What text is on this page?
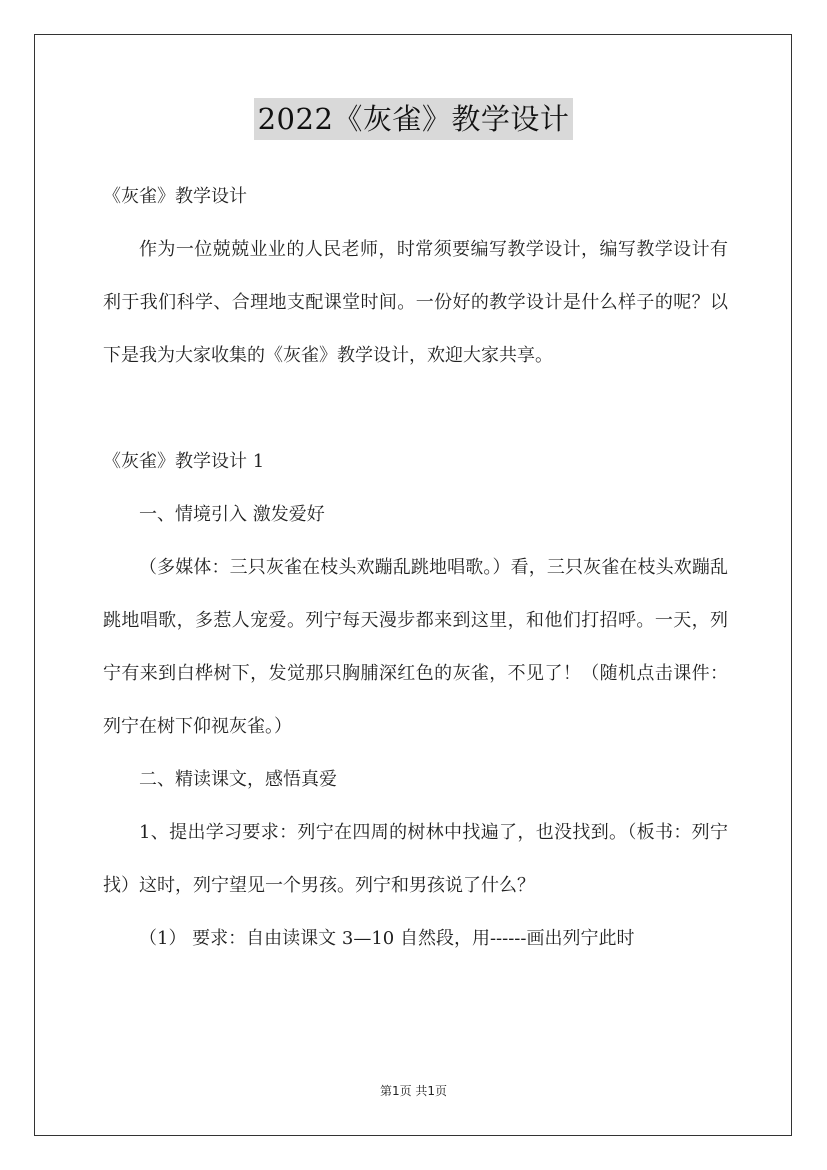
2022《灰雀》教学设计

《灰雀》教学设计

作为一位兢兢业业的人民老师，时常须要编写教学设计，编写教学设计有利于我们科学、合理地支配课堂时间。一份好的教学设计是什么样子的呢？以下是我为大家收集的《灰雀》教学设计，欢迎大家共享。

《灰雀》教学设计 1

一、情境引入 激发爱好

（多媒体：三只灰雀在枝头欢蹦乱跳地唱歌。）看，三只灰雀在枝头欢蹦乱跳地唱歌，多惹人宠爱。列宁每天漫步都来到这里，和他们打招呼。一天，列宁有来到白桦树下，发觉那只胸脯深红色的灰雀，不见了！（随机点击课件：列宁在树下仰视灰雀。）

二、精读课文，感悟真爱

1、提出学习要求：列宁在四周的树林中找遍了，也没找到。（板书：列宁 找）这时，列宁望见一个男孩。列宁和男孩说了什么？

（1） 要求：自由读课文 3—10 自然段，用------画出列宁此时

第1页 共1页
